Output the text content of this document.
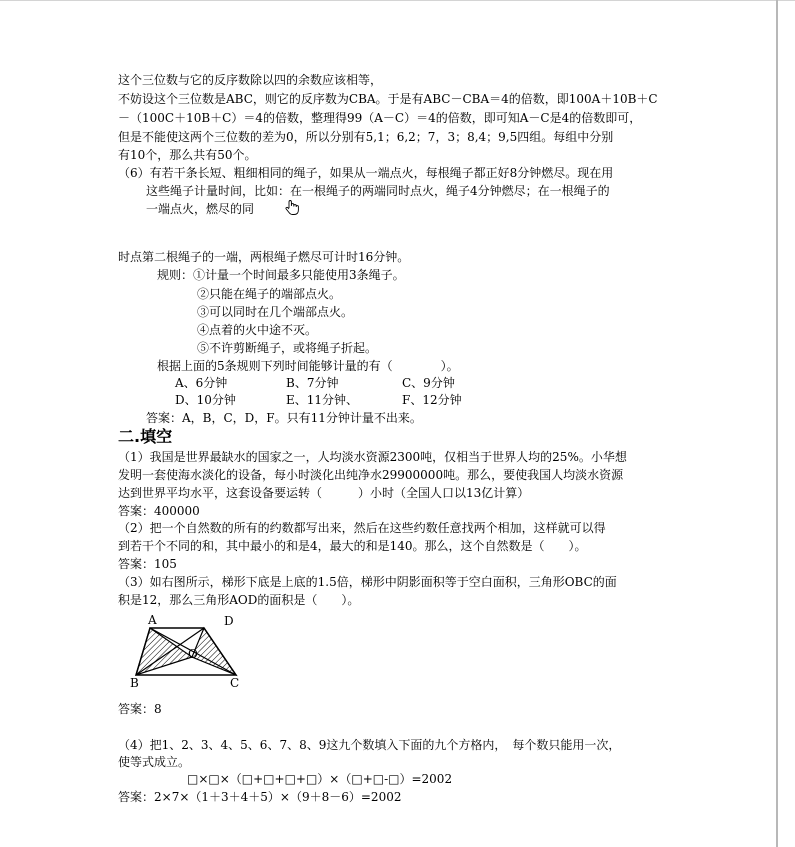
这个三位数与它的反序数除以四的余数应该相等，
不妨设这个三位数是ABC，则它的反序数为CBA。于是有ABC－CBA＝4的倍数，即100A＋10B＋C
－（100C＋10B＋C）＝4的倍数，整理得99（A－C）＝4的倍数，即可知A－C是4的倍数即可，
但是不能使这两个三位数的差为0，所以分别有5,1；6,2；7，3；8,4；9,5四组。每组中分别
有10个，那么共有50个。
（6）有若干条长短、粗细相同的绳子，如果从一端点火，每根绳子都正好8分钟燃尽。现在用
这些绳子计量时间，比如：在一根绳子的两端同时点火，绳子4分钟燃尽；在一根绳子的
一端点火，燃尽的同
时点第二根绳子的一端，两根绳子燃尽可计时16分钟。
规则：①计量一个时间最多只能使用3条绳子。
②只能在绳子的端部点火。
③可以同时在几个端部点火。
④点着的火中途不灭。
⑤不许剪断绳子，或将绳子折起。
根据上面的5条规则下列时间能够计量的有（　　　　）。
A、6分钟	B、7分钟	C、9分钟
D、10分钟	E、11分钟、	F、12分钟
答案：A，B，C，D，F。只有11分钟计量不出来。
二.填空
（1）我国是世界最缺水的国家之一，人均淡水资源2300吨，仅相当于世界人均的25%。小华想
发明一套使海水淡化的设备，每小时淡化出纯净水29900000吨。那么，要使我国人均淡水资源
达到世界平均水平，这套设备要运转（　　　）小时（全国人口以13亿计算）
答案：400000
（2）把一个自然数的所有的约数都写出来，然后在这些约数任意找两个相加，这样就可以得
到若干个不同的和，其中最小的和是4，最大的和是140。那么，这个自然数是（　　）。
答案：105
（3）如右图所示，梯形下底是上底的1.5倍，梯形中阴影面积等于空白面积，三角形OBC的面
积是12，那么三角形AOD的面积是（　　）。
A	D
O
B	C
答案：8
（4）把1、2、3、4、5、6、7、8、9这九个数填入下面的九个方格内，　每个数只能用一次，
使等式成立。
□×□×（□+□+□+□）×（□+□-□）=2002
答案：2×7×（1＋3＋4＋5）×（9＋8－6）=2002
